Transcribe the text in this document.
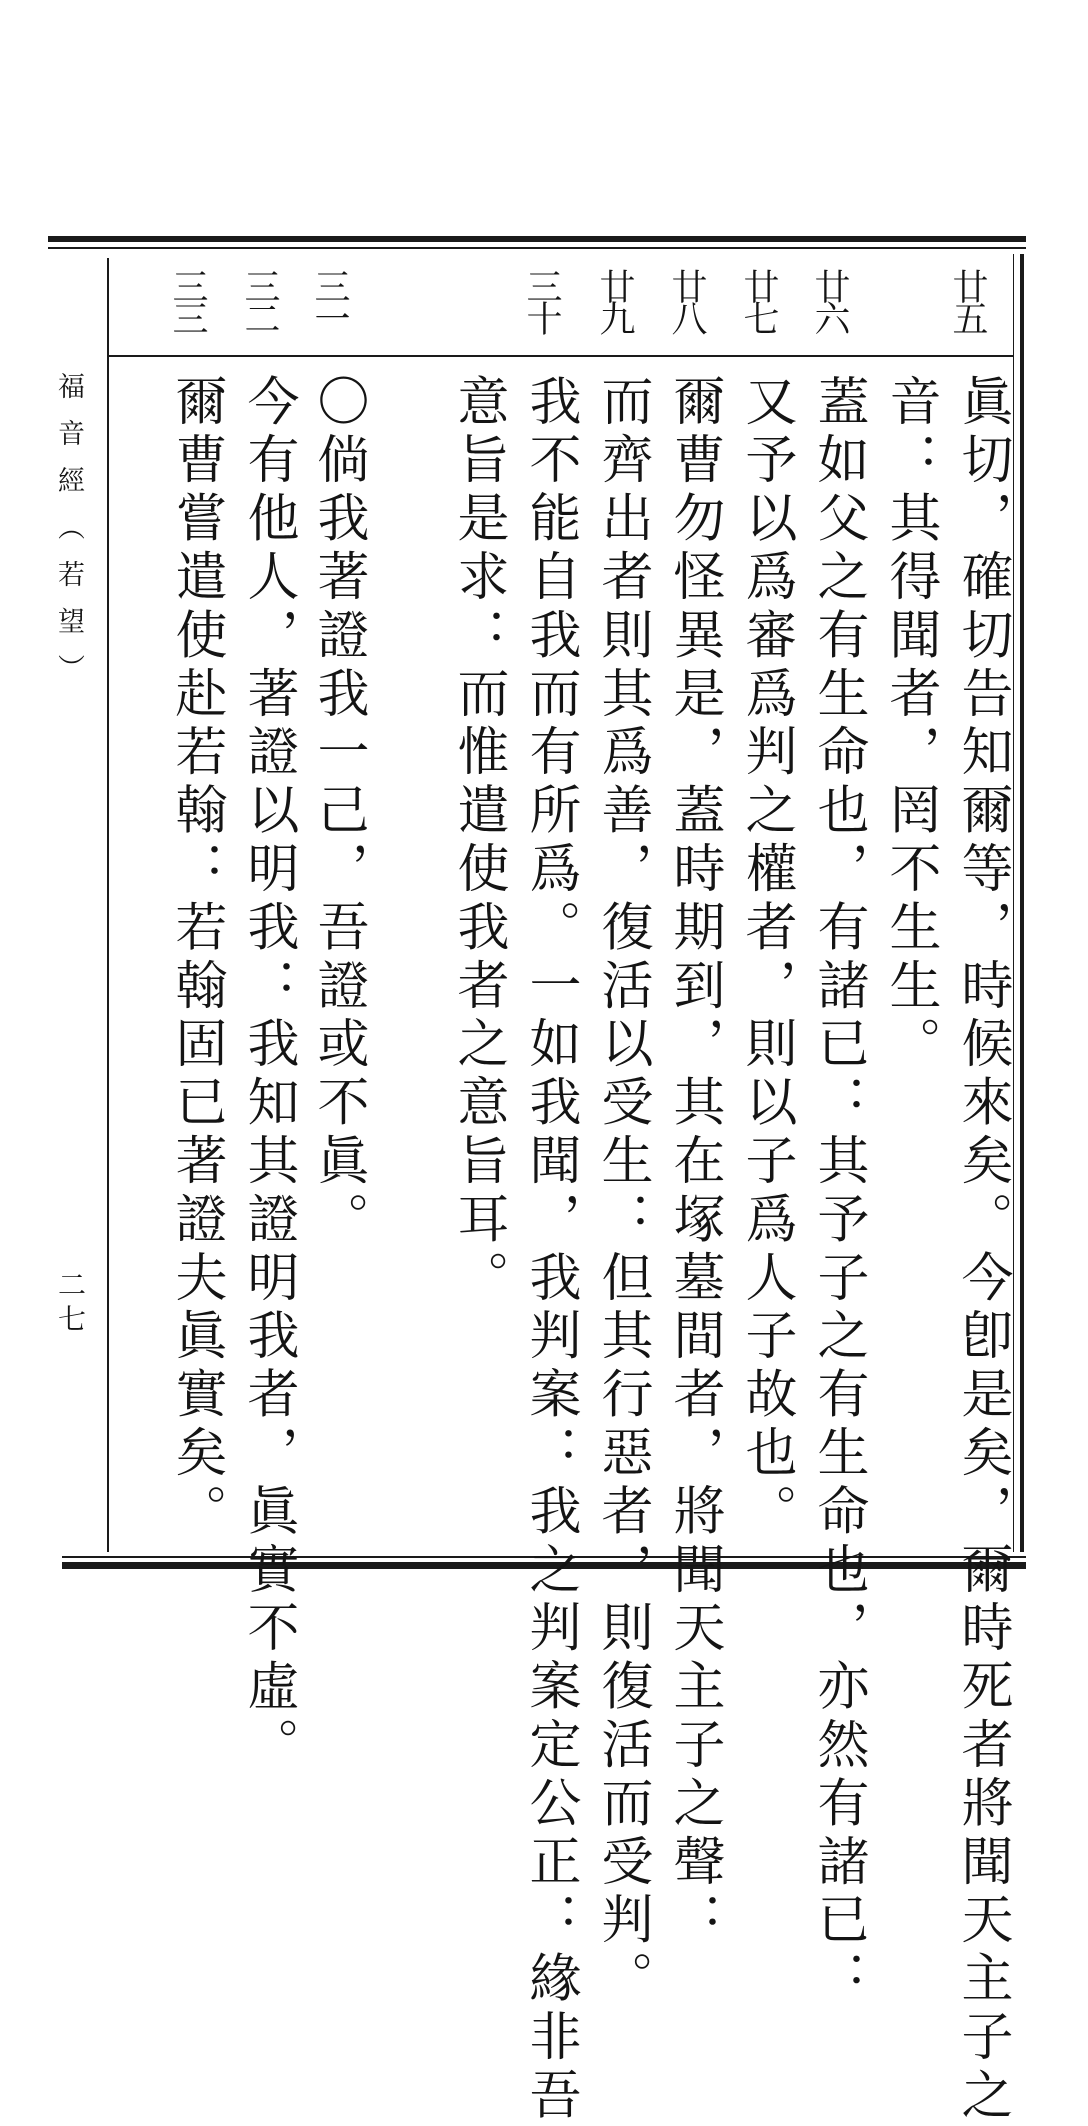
福音經（若望）
二七
廿五
廿六
廿七
廿八
廿九
三十
三一
三二
三三
眞切，確切告知爾等，時候來矣。今卽是矣，爾時死者將聞天主子之
音：其得聞者，罔不生生。
蓋如父之有生命也，有諸已：其予子之有生命也，亦然有諸已：
又予以爲審爲判之權者，則以子爲人子故也。
爾曹勿怪異是，蓋時期到，其在塚墓間者，將聞天主子之聲：
而齊出者則其爲善，復活以受生：但其行惡者，則復活而受判。
我不能自我而有所爲。一如我聞，我判案：我之判案定公正：緣非吾
意旨是求：而惟遣使我者之意旨耳。
〇倘我著證我一己，吾證或不眞。
今有他人，著證以明我：我知其證明我者，眞實不虛。
爾曹嘗遣使赴若翰：若翰固已著證夫眞實矣。
